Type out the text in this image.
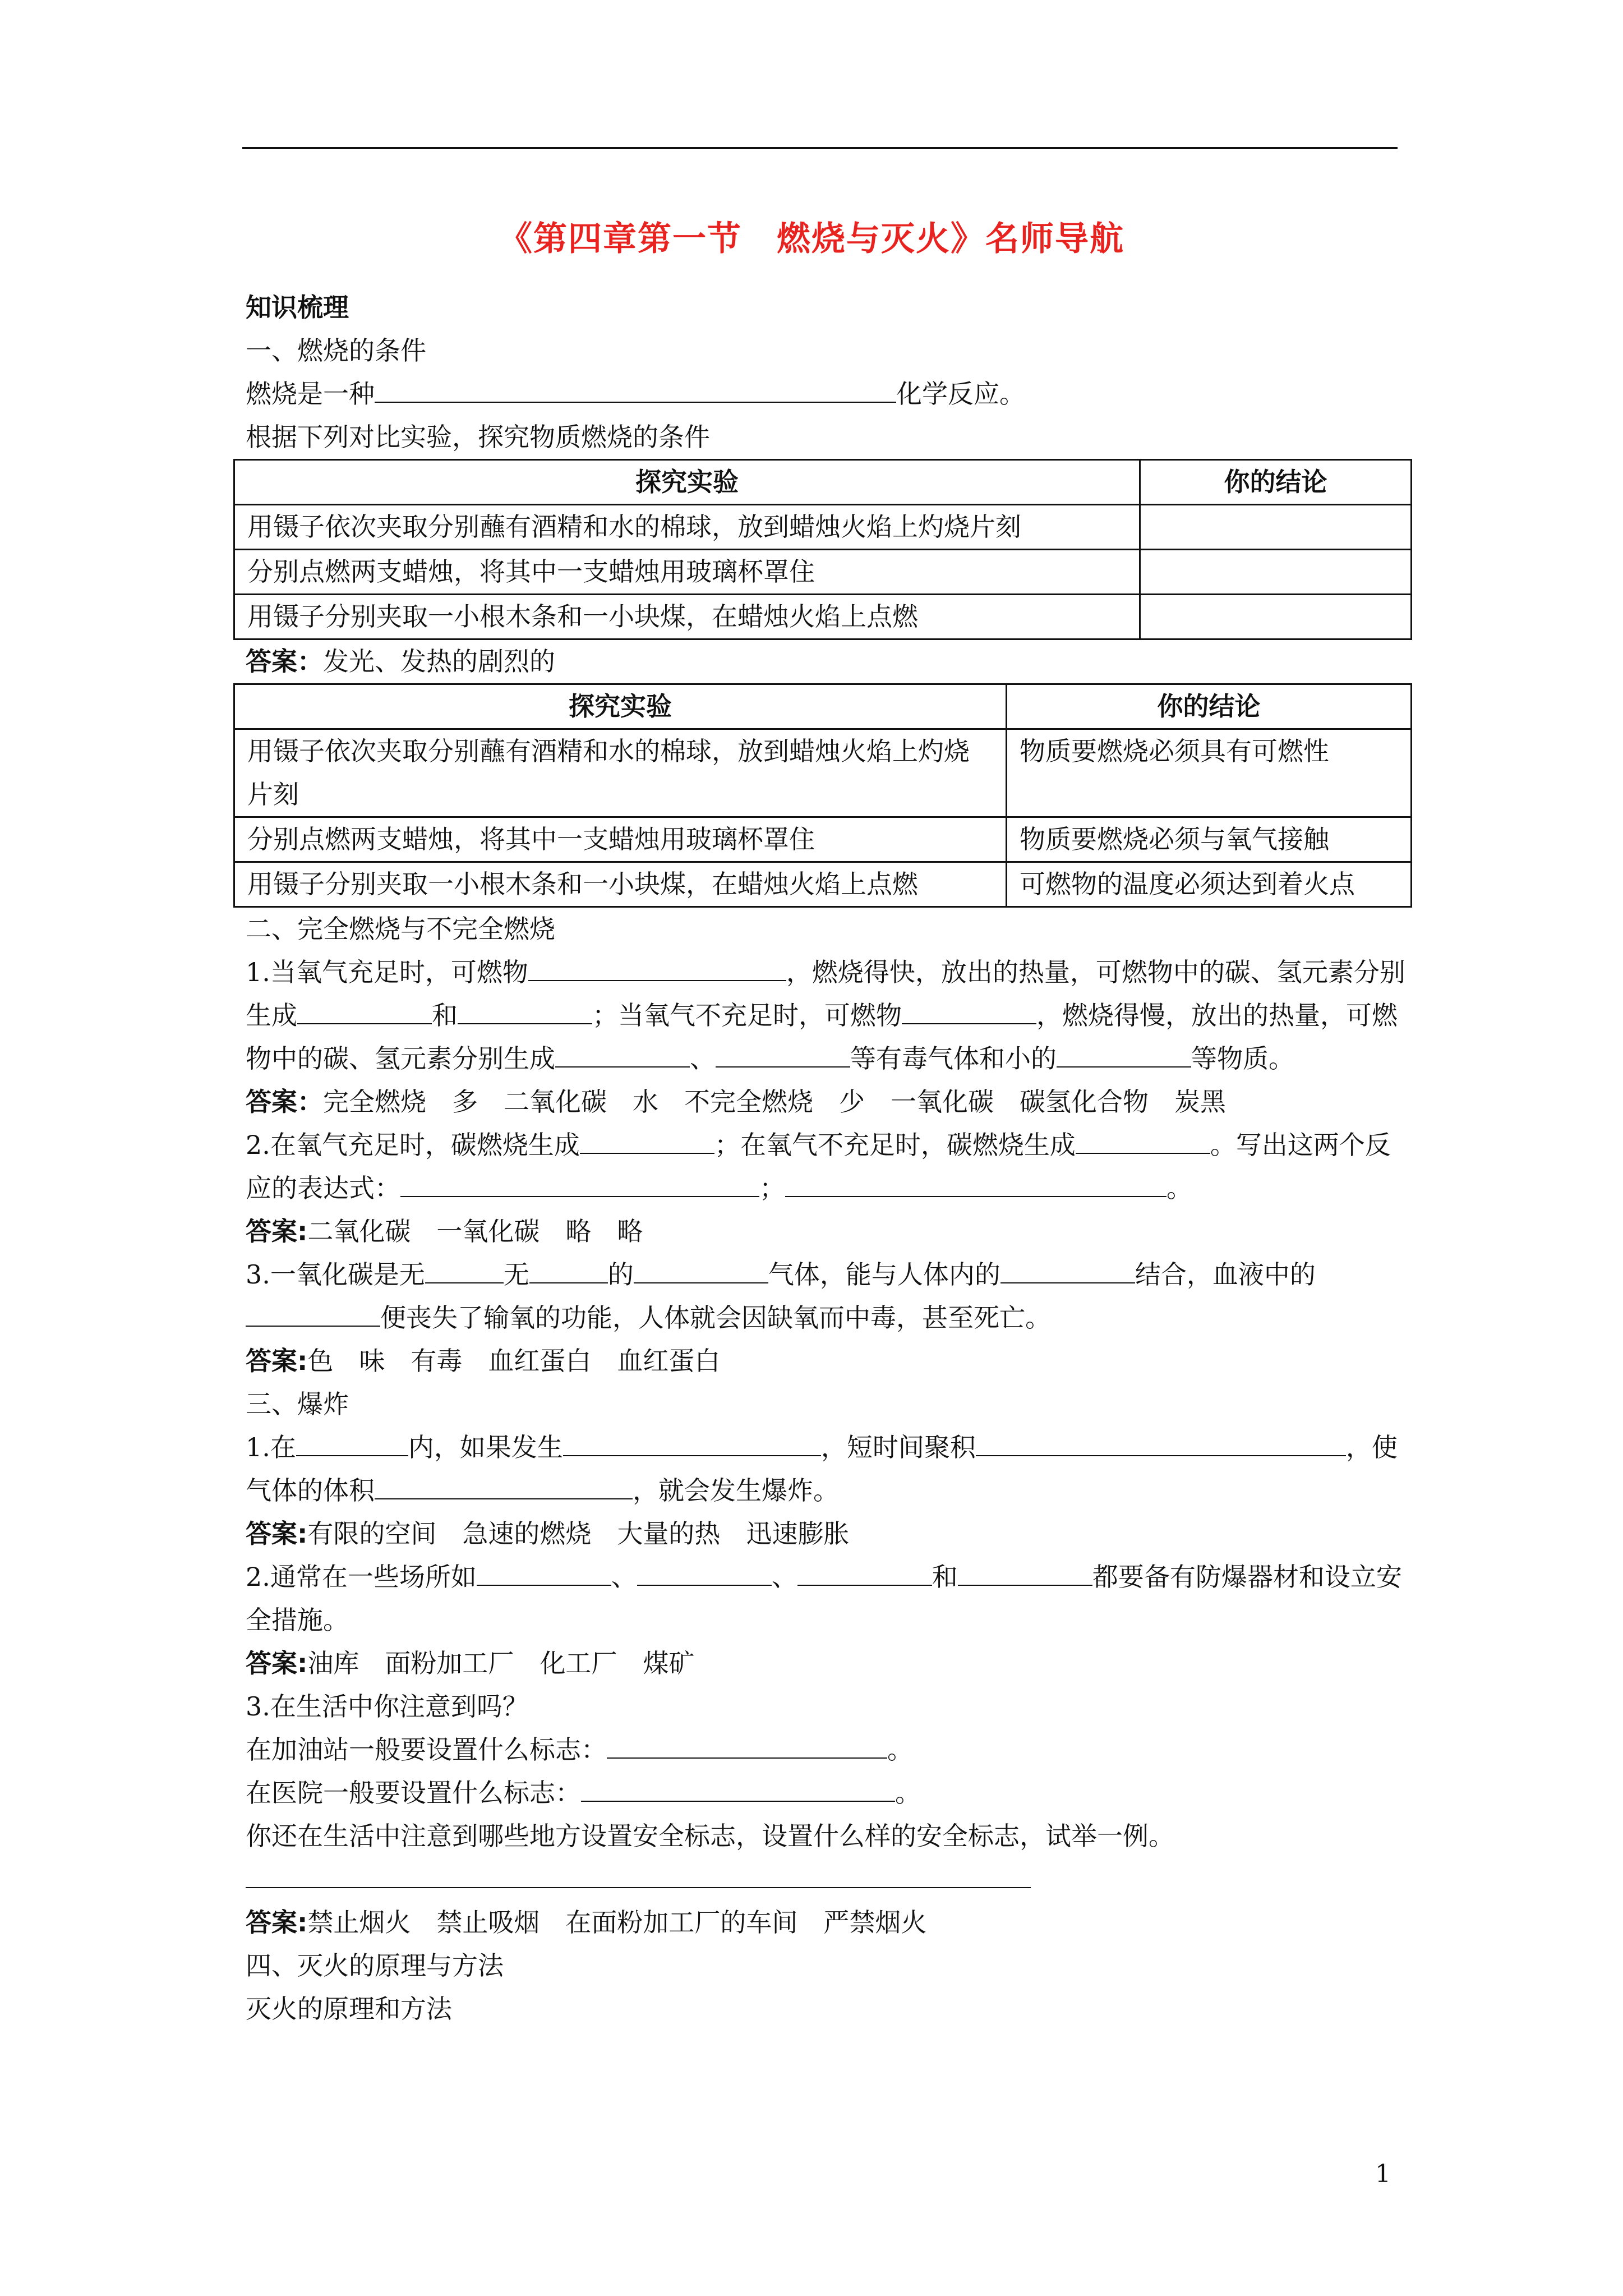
《第四章第一节　燃烧与灭火》名师导航
知识梳理
一、燃烧的条件
燃烧是一种	化学反应。
根据下列对比实验，探究物质燃烧的条件
探究实验	你的结论
用镊子依次夹取分别蘸有酒精和水的棉球，放到蜡烛火焰上灼烧片刻	
分别点燃两支蜡烛，将其中一支蜡烛用玻璃杯罩住	
用镊子分别夹取一小根木条和一小块煤，在蜡烛火焰上点燃	
答案：发光、发热的剧烈的
探究实验	你的结论
用镊子依次夹取分别蘸有酒精和水的棉球，放到蜡烛火焰上灼烧片刻	物质要燃烧必须具有可燃性
分别点燃两支蜡烛，将其中一支蜡烛用玻璃杯罩住	物质要燃烧必须与氧气接触
用镊子分别夹取一小根木条和一小块煤，在蜡烛火焰上点燃	可燃物的温度必须达到着火点
二、完全燃烧与不完全燃烧
1.当氧气充足时，可燃物	，燃烧得快，放出的热量，可燃物中的碳、氢元素分别生成	和	；当氧气不充足时，可燃物	，燃烧得慢，放出的热量，可燃物中的碳、氢元素分别生成	、	等有毒气体和小的	等物质。
答案：完全燃烧　多　二氧化碳　水　不完全燃烧　少　一氧化碳　碳氢化合物　炭黑
2.在氧气充足时，碳燃烧生成	；在氧气不充足时，碳燃烧生成	。写出这两个反应的表达式：	；	。
答案:二氧化碳　一氧化碳　略　略
3.一氧化碳是无	无	的	气体，能与人体内的	结合，血液中的便丧失了输氧的功能，人体就会因缺氧而中毒，甚至死亡。
答案:色　味　有毒　血红蛋白　血红蛋白
三、爆炸
1.在	内，如果发生	，短时间聚积	，使气体的体积	，就会发生爆炸。
答案:有限的空间　急速的燃烧　大量的热　迅速膨胀
2.通常在一些场所如	、	、	和	都要备有防爆器材和设立安全措施。
答案:油库　面粉加工厂　化工厂　煤矿
3.在生活中你注意到吗？
在加油站一般要设置什么标志：	。
在医院一般要设置什么标志：	。
你还在生活中注意到哪些地方设置安全标志，设置什么样的安全标志，试举一例。
答案:禁止烟火　禁止吸烟　在面粉加工厂的车间　严禁烟火
四、灭火的原理与方法
灭火的原理和方法
1
